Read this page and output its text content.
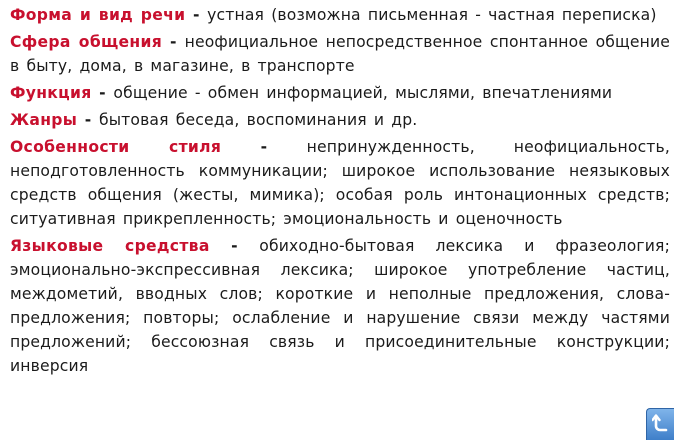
Форма и вид речи - устная (возможна письменная - частная переписка)

Сфера общения - неофициальное непосредственное спонтанное общение в быту, дома, в магазине, в транспорте

Функция - общение - обмен информацией, мыслями, впечатлениями

Жанры - бытовая беседа, воспоминания и др.

Особенности стиля - непринужденность, неофициальность, неподготовленность коммуникации; широкое использование неязыковых средств общения (жесты, мимика); особая роль интонационных средств; ситуативная прикрепленность; эмоциональность и оценочность

Языковые средства - обиходно-бытовая лексика и фразеология; эмоционально-экспрессивная лексика; широкое употребление частиц, междометий, вводных слов; короткие и неполные предложения, слова-предложения; повторы; ослабление и нарушение связи между частями предложений; бессоюзная связь и присоединительные конструкции; инверсия
